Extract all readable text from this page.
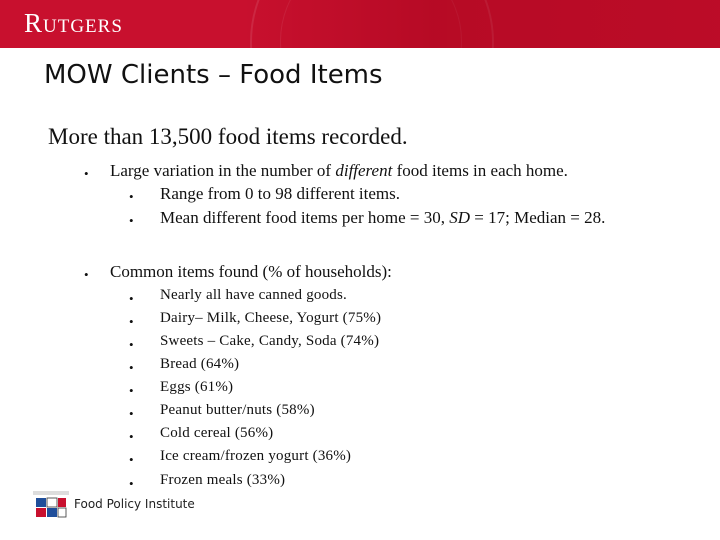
Rutgers
MOW Clients – Food Items
More than 13,500 food items recorded.
• Large variation in the number of different food items in each home.
• Range from 0 to 98 different items.
• Mean different food items per home = 30, SD = 17; Median = 28.
• Common items found (% of households):
• Nearly all have canned goods.
• Dairy– Milk, Cheese, Yogurt (75%)
• Sweets – Cake, Candy, Soda (74%)
• Bread (64%)
• Eggs (61%)
• Peanut butter/nuts (58%)
• Cold cereal (56%)
• Ice cream/frozen yogurt (36%)
• Frozen meals (33%)
Food Policy Institute
